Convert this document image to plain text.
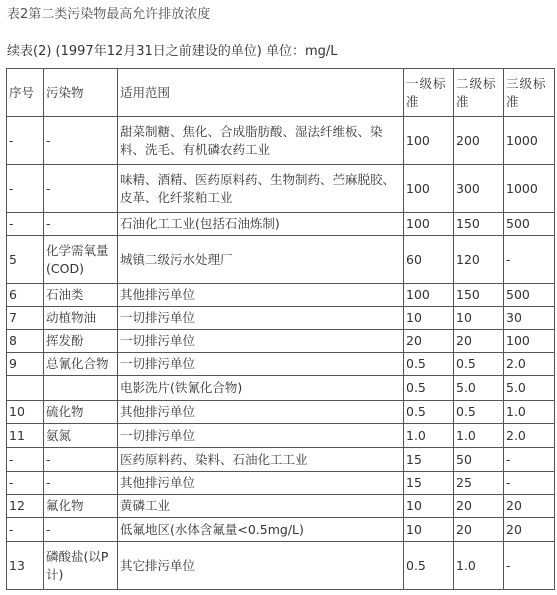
表2第二类污染物最高允许排放浓度
续表(2) (1997年12月31日之前建设的单位) 单位：mg/L
序号	污染物	适用范围	一级标准	二级标准	三级标准
-	-	甜菜制糖、焦化、合成脂肪酸、湿法纤维板、染料、洗毛、有机磷农药工业	100	200	1000
-	-	味精、酒精、医药原料药、生物制药、苎麻脱胶、皮革、化纤浆粕工业	100	300	1000
-	-	石油化工工业(包括石油炼制)	100	150	500
5	化学需氧量(COD)	城镇二级污水处理厂	60	120	-
6	石油类	其他排污单位	100	150	500
7	动植物油	一切排污单位	10	10	30
8	挥发酚	一切排污单位	20	20	100
9	总氰化合物	一切排污单位	0.5	0.5	2.0
		电影洗片(铁氰化合物)	0.5	5.0	5.0
10	硫化物	其他排污单位	0.5	0.5	1.0
11	氨氮	一切排污单位	1.0	1.0	2.0
-	-	医药原料药、染料、石油化工工业	15	50	-
-	-	其他排污单位	15	25	-
12	氟化物	黄磷工业	10	20	20
-	-	低氟地区(水体含氟量<0.5mg/L)	10	20	20
13	磷酸盐(以P计)	其它排污单位	0.5	1.0	-
